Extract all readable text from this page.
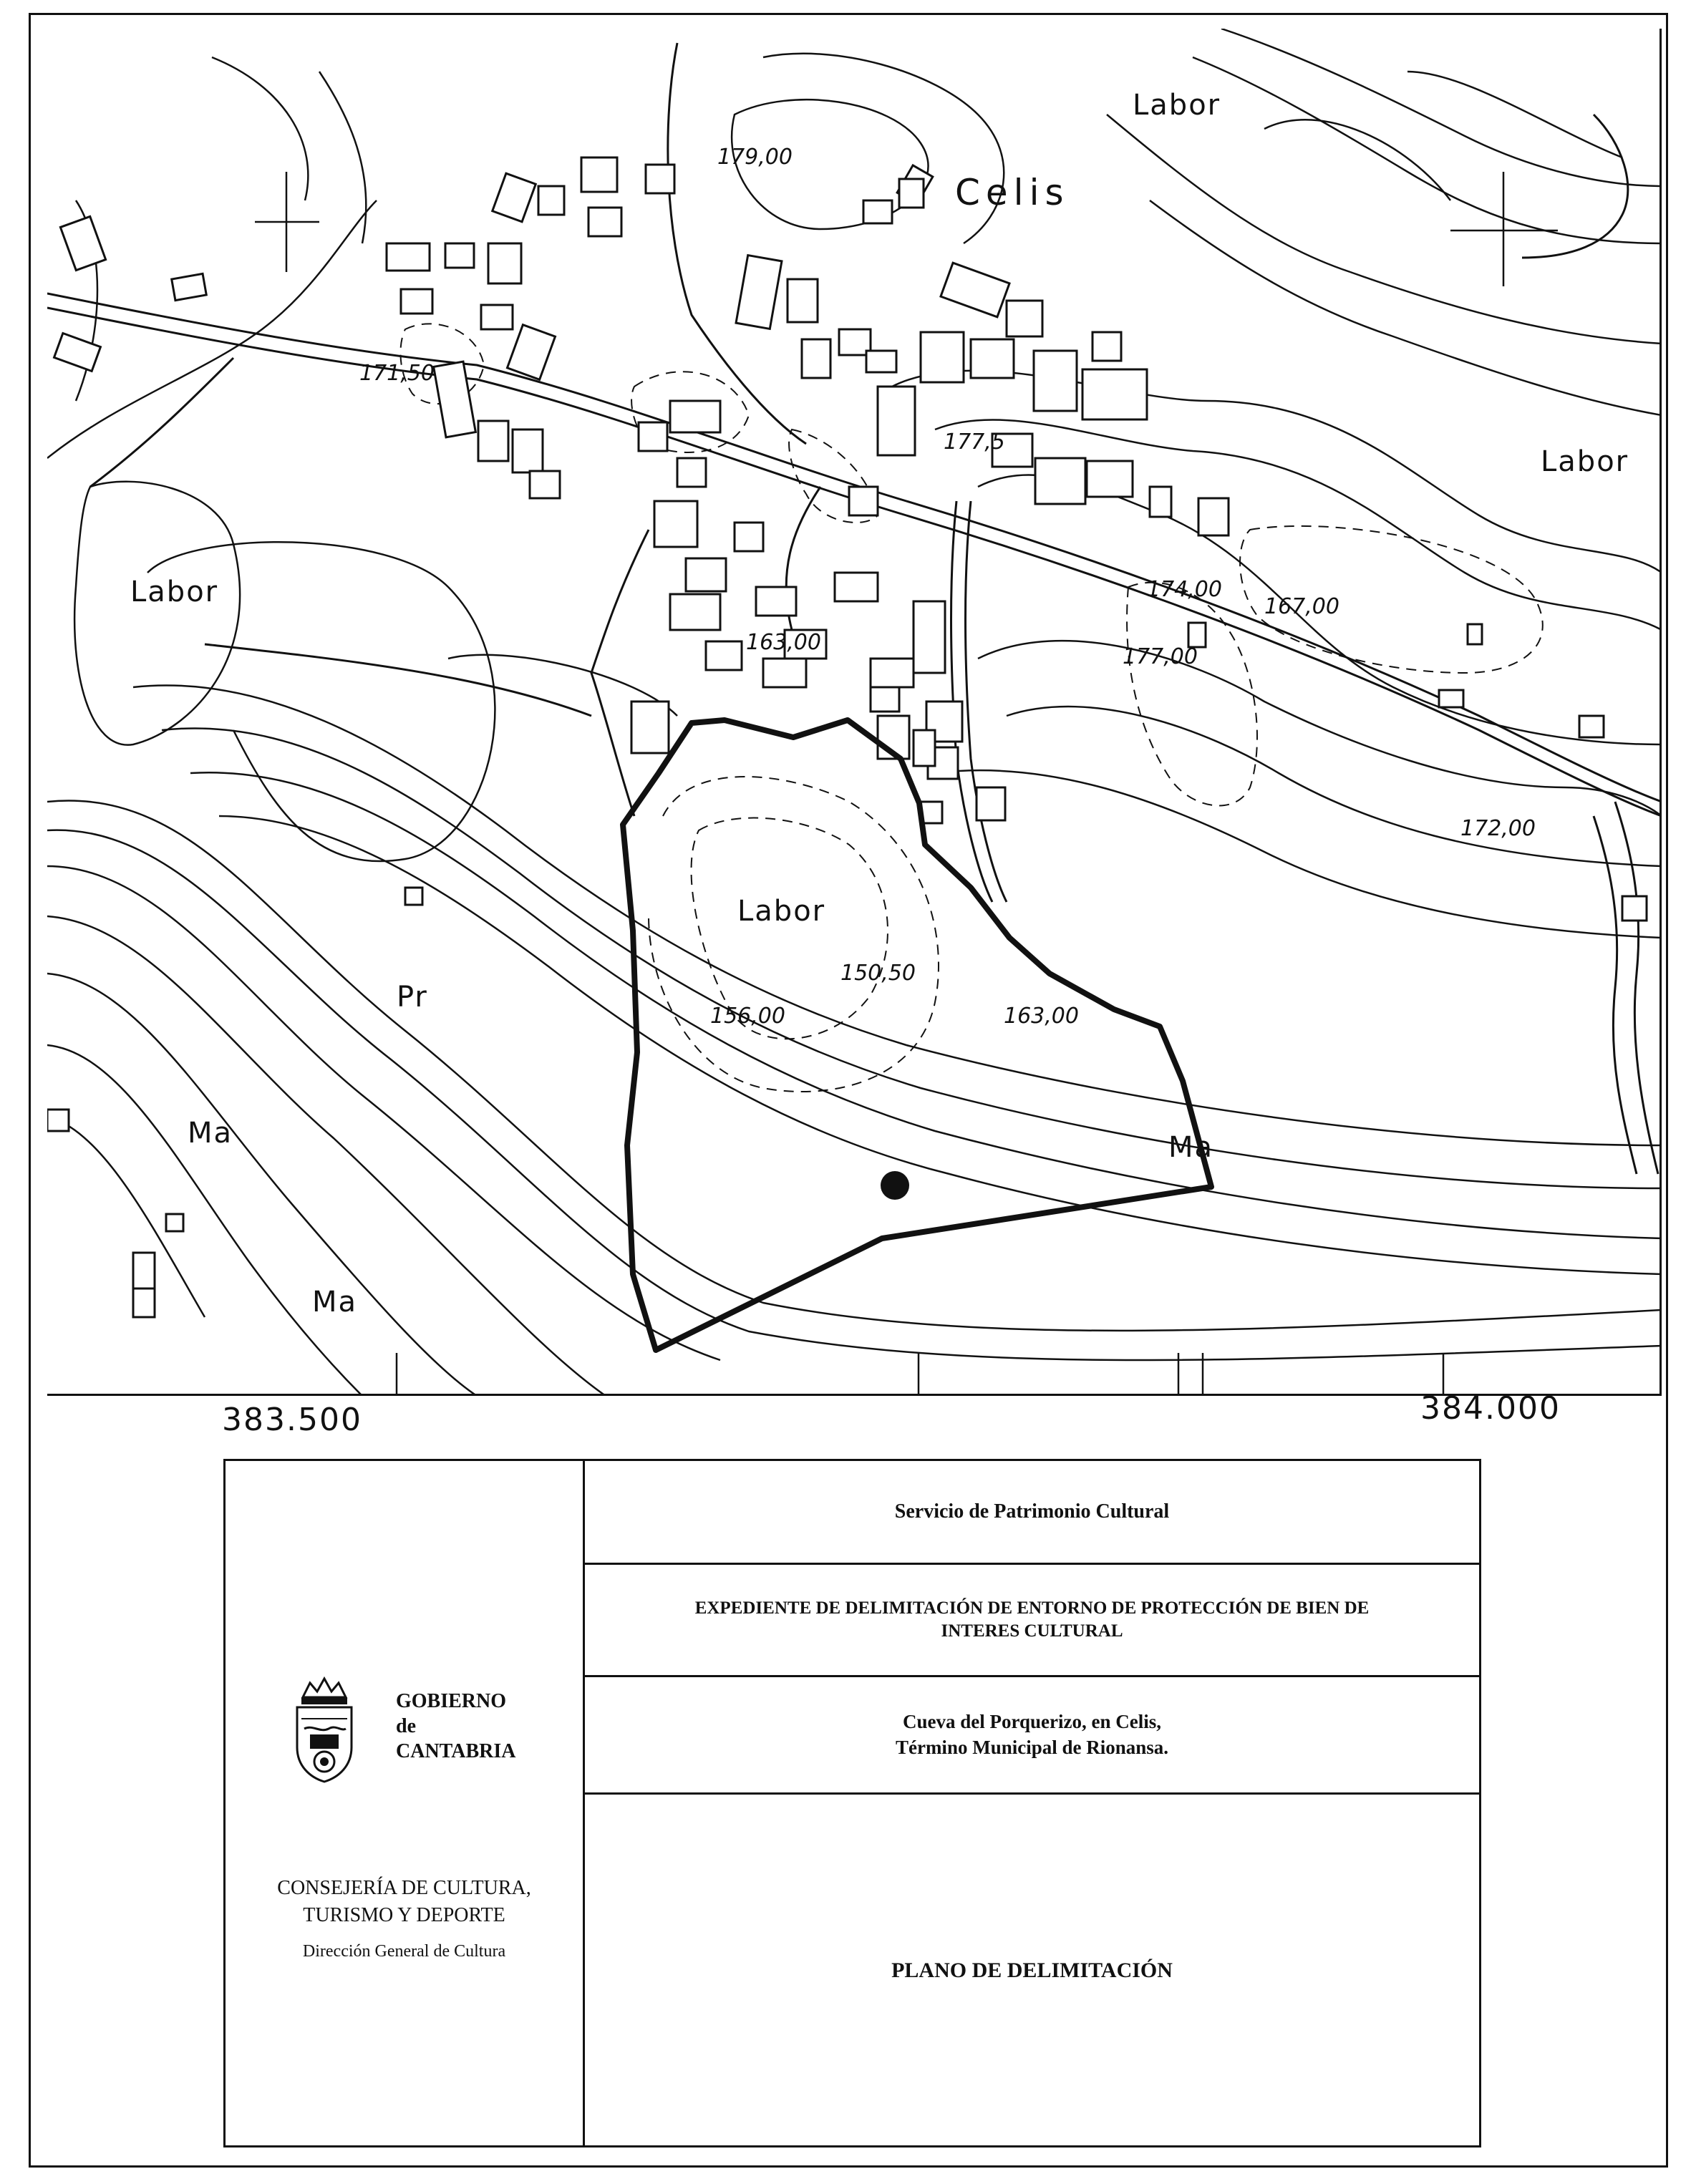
Celis
Labor
Labor
Labor
Labor
Pr
Ma
Ma
Ma
179,00
171,50
177,5
174,00
167,00
177,00
163,00
172,00
150,50
156,00	163,00
383.500	384.000
GOBIERNO
de
CANTABRIA
CONSEJERÍA DE CULTURA,
TURISMO Y DEPORTE
Dirección General de Cultura
Servicio de Patrimonio Cultural
EXPEDIENTE DE DELIMITACIÓN DE ENTORNO DE PROTECCIÓN DE BIEN DE
INTERES CULTURAL
Cueva del Porquerizo, en Celis,
Término Municipal de Rionansa.
PLANO DE DELIMITACIÓN
